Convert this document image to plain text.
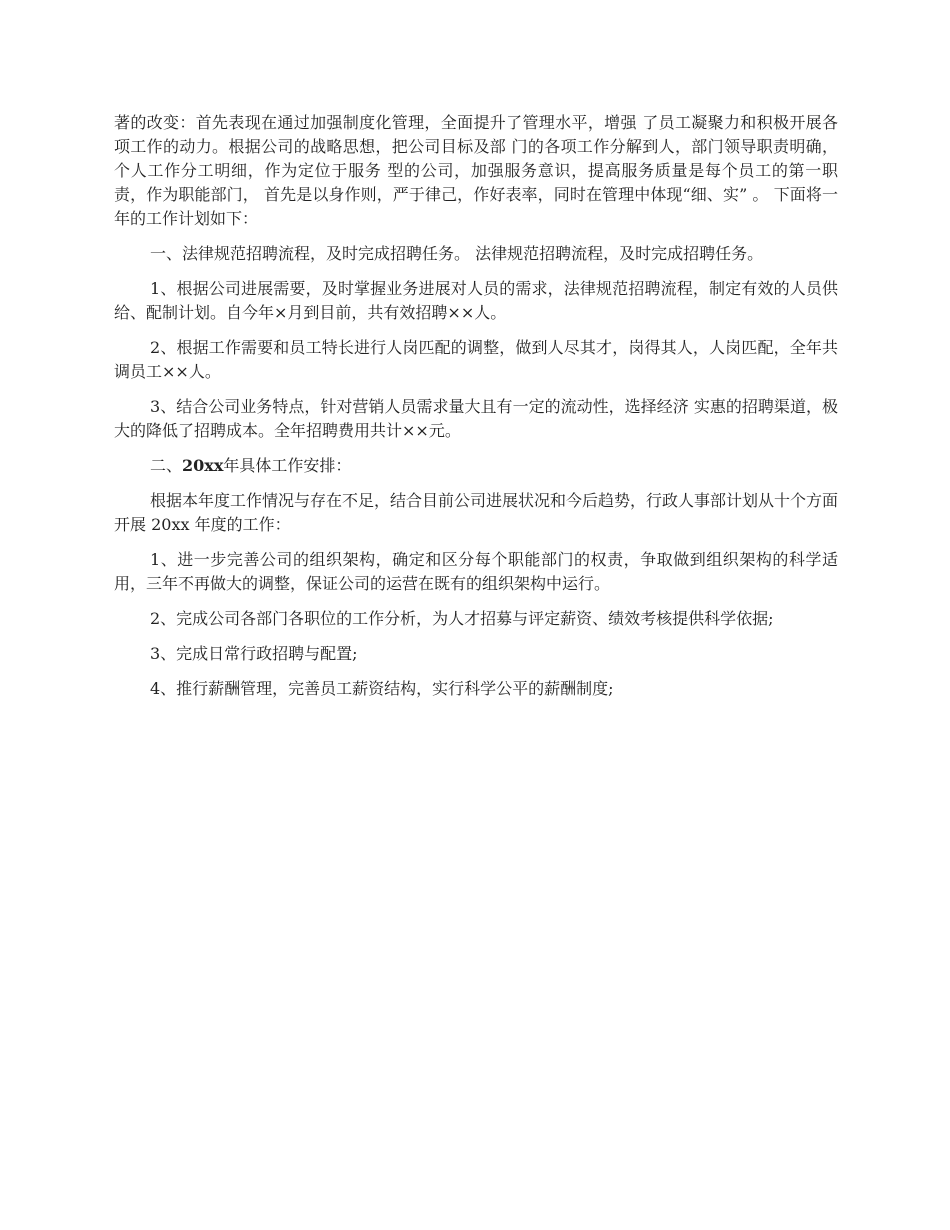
著的改变：首先表现在通过加强制度化管理，全面提升了管理水平，增强 了员工凝聚力和积极开展各项工作的动力。根据公司的战略思想，把公司目标及部 门的各项工作分解到人，部门领导职责明确，个人工作分工明细，作为定位于服务 型的公司，加强服务意识，提高服务质量是每个员工的第一职责，作为职能部门， 首先是以身作则，严于律己，作好表率，同时在管理中体现“细、实” 。 下面将一年的工作计划如下：

一、法律规范招聘流程，及时完成招聘任务。 法律规范招聘流程，及时完成招聘任务。

1、根据公司进展需要，及时掌握业务进展对人员的需求，法律规范招聘流程，制定有效的人员供给、配制计划。自今年×月到目前，共有效招聘××人。

2、根据工作需要和员工特长进行人岗匹配的调整，做到人尽其才，岗得其人，人岗匹配，全年共调员工××人。

3、结合公司业务特点，针对营销人员需求量大且有一定的流动性，选择经济 实惠的招聘渠道，极大的降低了招聘成本。全年招聘费用共计××元。

二、20xx年具体工作安排：

根据本年度工作情况与存在不足，结合目前公司进展状况和今后趋势，行政人事部计划从十个方面开展 20xx 年度的工作：

1、进一步完善公司的组织架构，确定和区分每个职能部门的权责，争取做到组织架构的科学适用，三年不再做大的调整，保证公司的运营在既有的组织架构中运行。

2、完成公司各部门各职位的工作分析，为人才招募与评定薪资、绩效考核提供科学依据;

3、完成日常行政招聘与配置;

4、推行薪酬管理，完善员工薪资结构，实行科学公平的薪酬制度;
